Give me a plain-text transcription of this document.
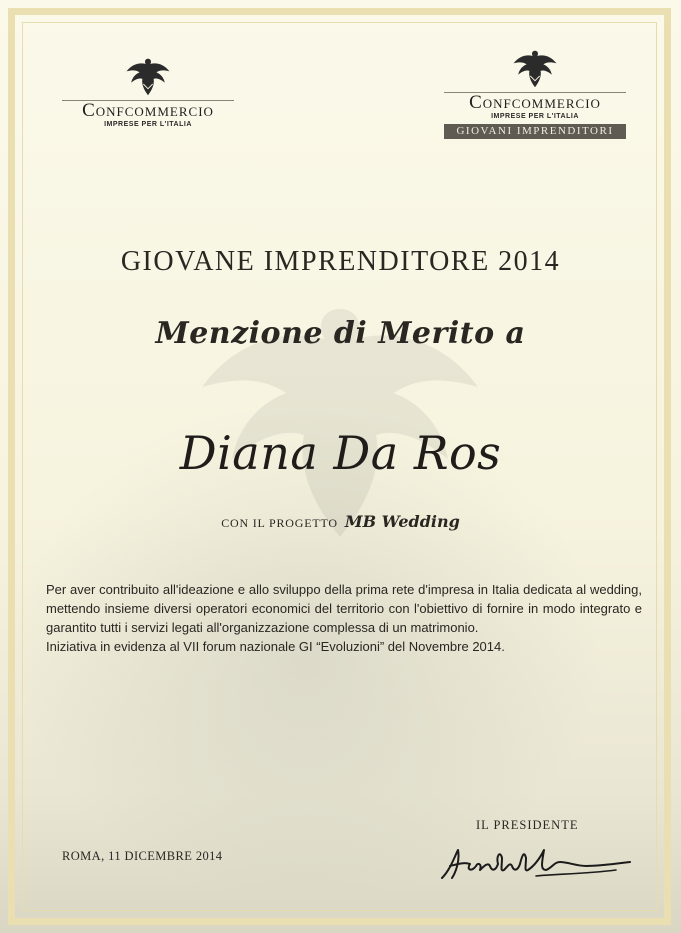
Confcommercio
IMPRESE PER L'ITALIA
Confcommercio
IMPRESE PER L'ITALIA
GIOVANI IMPRENDITORI
GIOVANE IMPRENDITORE 2014
Menzione di Merito a
Diana Da Ros
CON IL PROGETTO MB Wedding

Per aver contribuito all'ideazione e allo sviluppo della prima rete d'impresa in Italia dedicata al wedding, mettendo insieme diversi operatori economici del territorio con l'obiettivo di fornire in modo integrato e garantito tutti i servizi legati all'organizzazione complessa di un matrimonio.

Iniziativa in evidenza al VII forum nazionale GI “Evoluzioni” del Novembre 2014.

ROMA, 11 DICEMBRE 2014
IL PRESIDENTE
